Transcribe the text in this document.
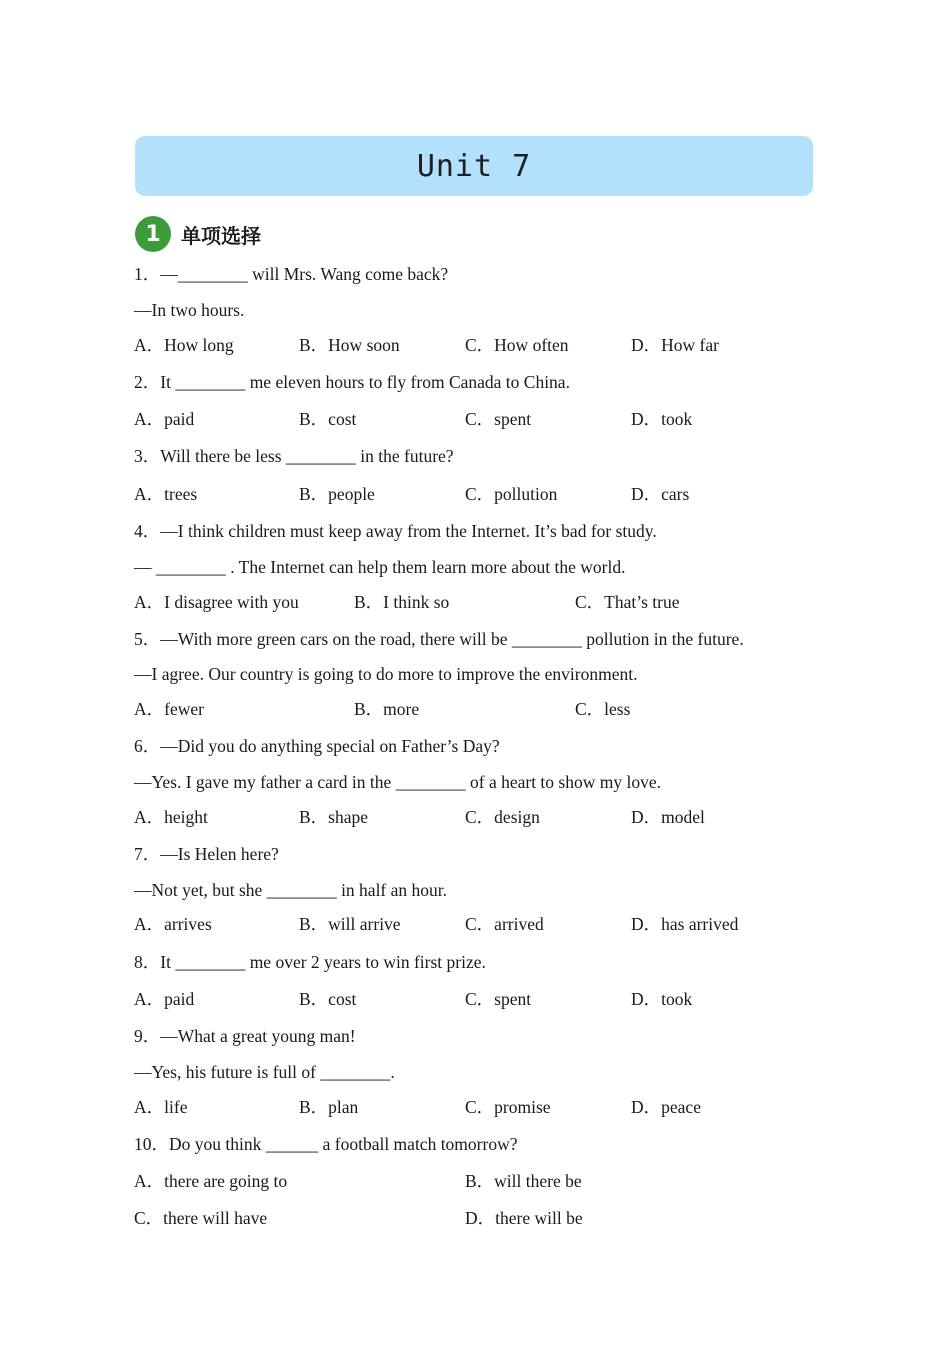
Unit 7
1	单项选择
1．—________ will Mrs. Wang come back?
—In two hours.
A．How long	B．How soon	C．How often	D．How far
2．It ________ me eleven hours to fly from Canada to China.
A．paid	B．cost	C．spent	D．took
3．Will there be less ________ in the future?
A．trees	B．people	C．pollution	D．cars
4．—I think children must keep away from the Internet. It’s bad for study.
— ________ . The Internet can help them learn more about the world.
A．I disagree with you	B．I think so	C．That’s true
5．—With more green cars on the road, there will be ________ pollution in the future.
—I agree. Our country is going to do more to improve the environment.
A．fewer	B．more	C．less
6．—Did you do anything special on Father’s Day?
—Yes. I gave my father a card in the ________ of a heart to show my love.
A．height	B．shape	C．design	D．model
7．—Is Helen here?
—Not yet, but she ________ in half an hour.
A．arrives	B．will arrive	C．arrived	D．has arrived
8．It ________ me over 2 years to win first prize.
A．paid	B．cost	C．spent	D．took
9．—What a great young man!
—Yes, his future is full of ________.
A．life	B．plan	C．promise	D．peace
10．Do you think ______ a football match tomorrow?
A．there are going to	B．will there be
C．there will have	D．there will be
